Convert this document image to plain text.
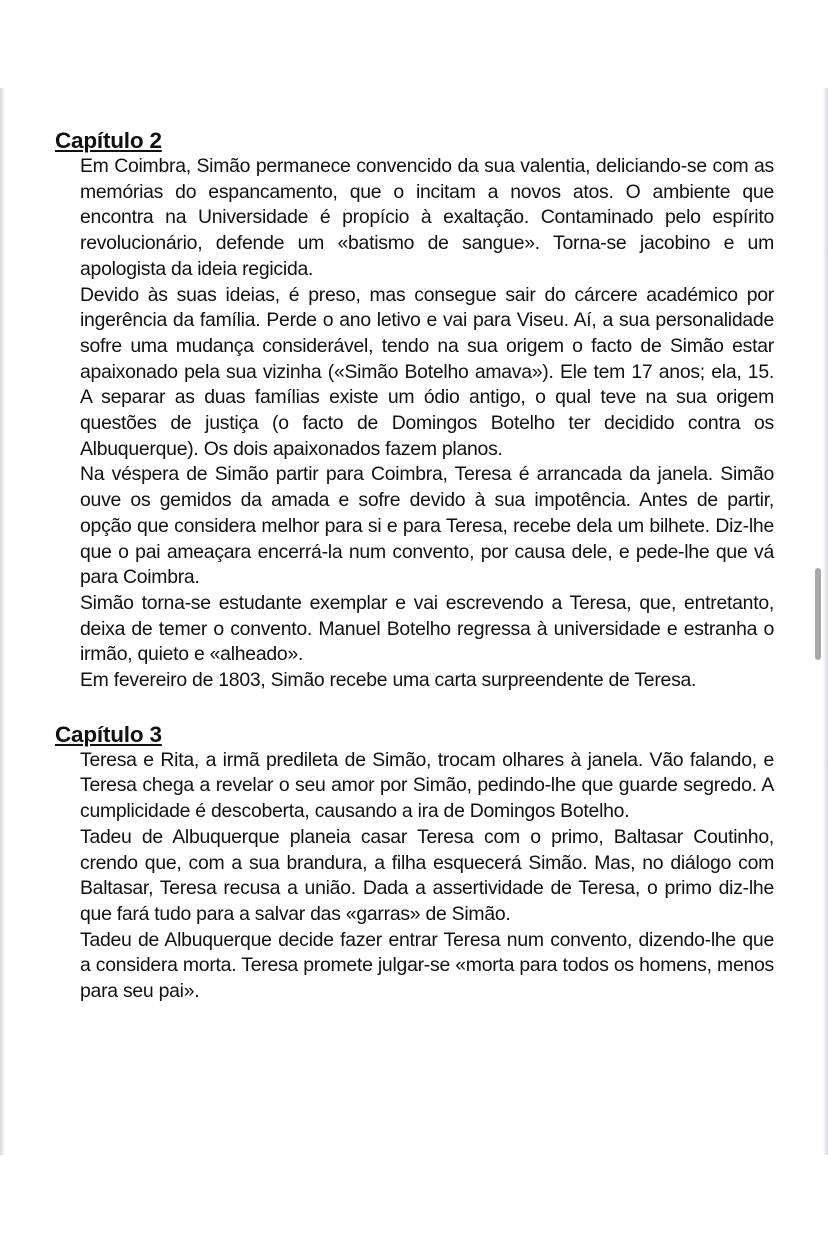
Capítulo 2

Em Coimbra, Simão permanece convencido da sua valentia, deliciando-se com as memórias do espancamento, que o incitam a novos atos. O ambiente que encontra na Universidade é propício à exaltação. Contaminado pelo espírito revolucionário, defende um «batismo de sangue». Torna-se jacobino e um apologista da ideia regicida.

Devido às suas ideias, é preso, mas consegue sair do cárcere académico por ingerência da família. Perde o ano letivo e vai para Viseu. Aí, a sua personalidade sofre uma mudança considerável, tendo na sua origem o facto de Simão estar apaixonado pela sua vizinha («Simão Botelho amava»). Ele tem 17 anos; ela, 15. A separar as duas famílias existe um ódio antigo, o qual teve na sua origem questões de justiça (o facto de Domingos Botelho ter decidido contra os Albuquerque). Os dois apaixonados fazem planos.

Na véspera de Simão partir para Coimbra, Teresa é arrancada da janela. Simão ouve os gemidos da amada e sofre devido à sua impotência. Antes de partir, opção que considera melhor para si e para Teresa, recebe dela um bilhete. Diz-lhe que o pai ameaçara encerrá-la num convento, por causa dele, e pede-lhe que vá para Coimbra.

Simão torna-se estudante exemplar e vai escrevendo a Teresa, que, entretanto, deixa de temer o convento. Manuel Botelho regressa à universidade e estranha o irmão, quieto e «alheado».

Em fevereiro de 1803, Simão recebe uma carta surpreendente de Teresa.

Capítulo 3

Teresa e Rita, a irmã predileta de Simão, trocam olhares à janela. Vão falando, e Teresa chega a revelar o seu amor por Simão, pedindo-lhe que guarde segredo. A cumplicidade é descoberta, causando a ira de Domingos Botelho.

Tadeu de Albuquerque planeia casar Teresa com o primo, Baltasar Coutinho, crendo que, com a sua brandura, a filha esquecerá Simão. Mas, no diálogo com Baltasar, Teresa recusa a união. Dada a assertividade de Teresa, o primo diz-lhe que fará tudo para a salvar das «garras» de Simão.

Tadeu de Albuquerque decide fazer entrar Teresa num convento, dizendo-lhe que a considera morta. Teresa promete julgar-se «morta para todos os homens, menos para seu pai».
